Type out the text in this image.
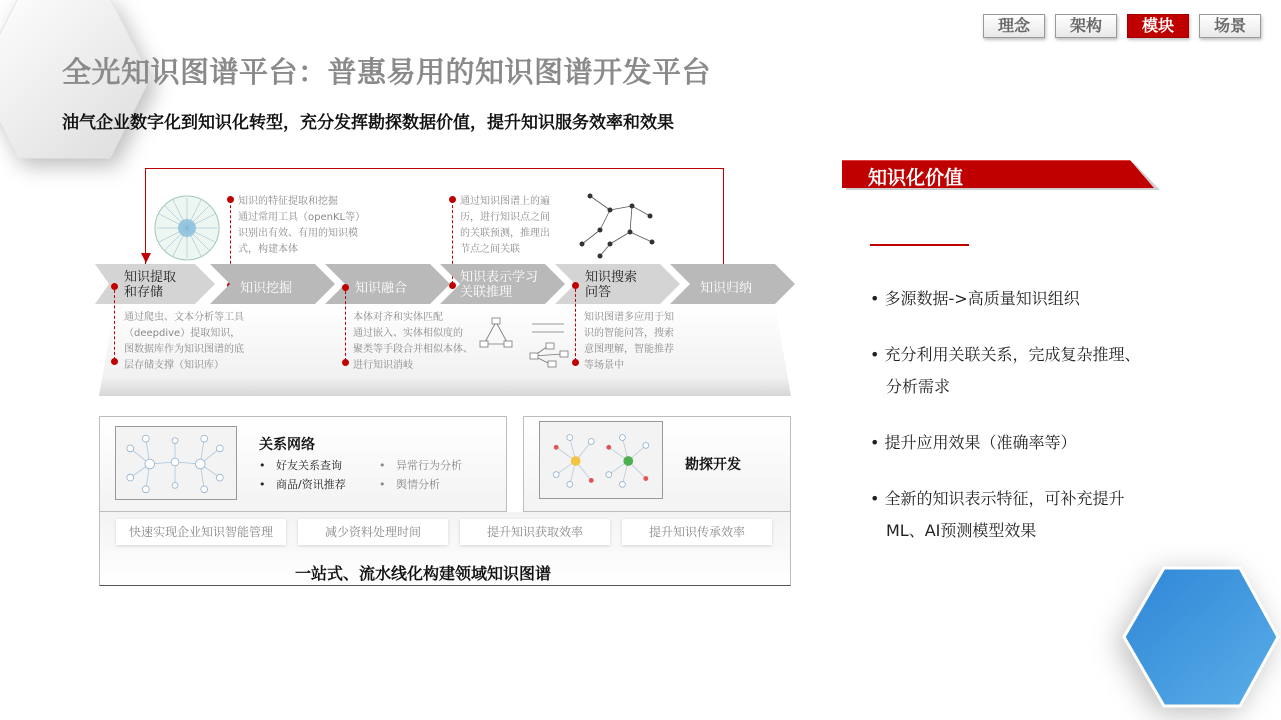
理念	架构	模块	场景
全光知识图谱平台：普惠易用的知识图谱开发平台
油气企业数字化到知识化转型，充分发挥勘探数据价值，提升知识服务效率和效果
知识的特征提取和挖掘
通过常用工具（openKL等）
识别出有效、有用的知识模
式，构建本体
通过知识图谱上的遍
历，进行知识点之间
的关联预测，推理出
节点之间关联
知识提取
和存储	知识挖掘	知识融合
知识表示学习
关联推理
知识搜索
问答	知识归纳
通过爬虫、文本分析等工具
（deepdive）提取知识，
图数据库作为知识图谱的底
层存储支撑（知识库）
本体对齐和实体匹配
通过嵌入、实体相似度的
聚类等手段合并相似本体、
进行知识消岐
知识图谱多应用于知
识的智能问答，搜索
意图理解，智能推荐
等场景中
关系网络
•   好友关系查询
•   商品/资讯推荐
•   异常行为分析
•   舆情分析
勘探开发
快速实现企业知识智能管理	减少资料处理时间	提升知识获取效率	提升知识传承效率
一站式、流水线化构建领域知识图谱
知识化价值
• 多源数据->高质量知识组织
• 充分利用关联关系，完成复杂推理、
分析需求
• 提升应用效果（准确率等）
• 全新的知识表示特征，可补充提升
ML、AI预测模型效果
